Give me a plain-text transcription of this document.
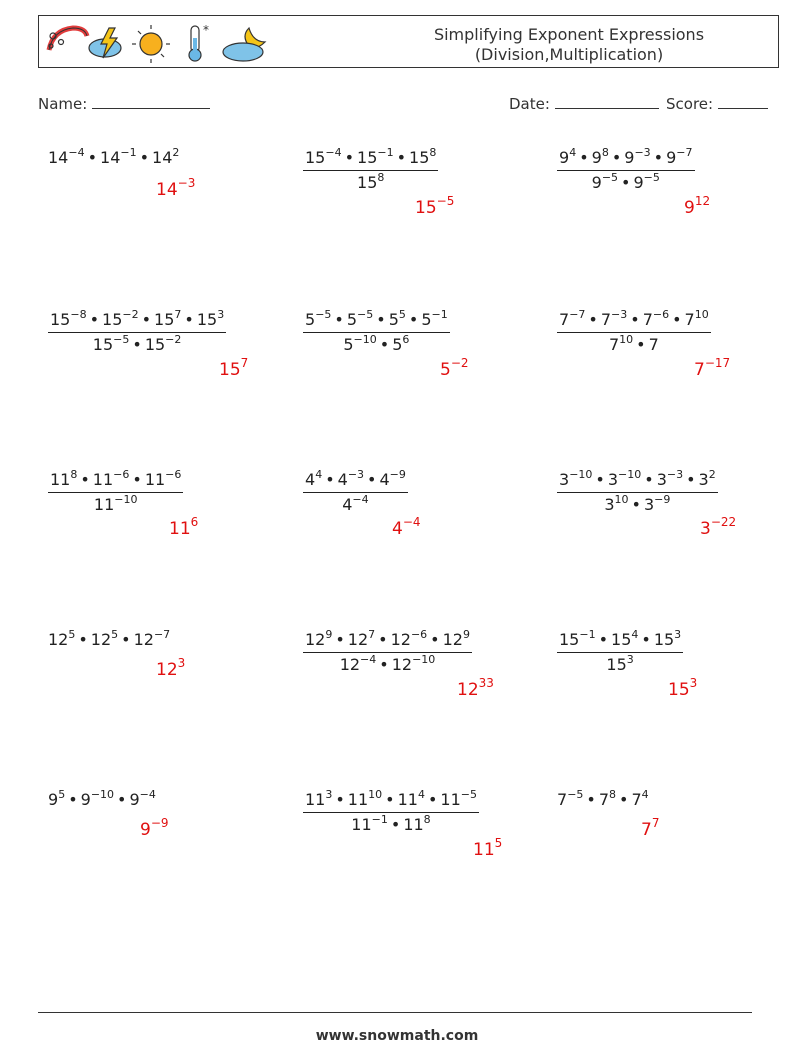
*	Simplifying Exponent Expressions
(Division,Multiplication)
Name:	Date:	Score:
$14^{-4}$ • $14^{-1}$ • $14^2$
$14^{-3}$	$\frac{15^{-4} • 15^{-1} • 15^8}{15^8}$
$15^{-5}$
$\frac{9^4 • 9^8 • 9^{-3} • 9^{-7}}{9^{-5} • 9^{-5}}$
$9^{12}$
$\frac{15^{-8} • 15^{-2} • 15^7 • 15^3}{15^{-5} • 15^{-2}}$
$15^7$
$\frac{5^{-5} • 5^{-5} • 5^5 • 5^{-1}}{5^{-10} • 5^6}$
$5^{-2}$
$\frac{7^{-7} • 7^{-3} • 7^{-6} • 7^{10}}{7^{10} • 7}$
$7^{-17}$
$\frac{11^8 • 11^{-6} • 11^{-6}}{11^{-10}}$
$11^6$
$\frac{4^4 • 4^{-3} • 4^{-9}}{4^{-4}}$
$4^{-4}$
$\frac{3^{-10} • 3^{-10} • 3^{-3} • 3^2}{3^{10} • 3^{-9}}$
$3^{-22}$
$12^5$ • $12^5$ • $12^{-7}$
$12^3$	$\frac{12^9 • 12^7 • 12^{-6} • 12^9}{12^{-4} • 12^{-10}}$
$12^{33}$
$\frac{15^{-1} • 15^4 • 15^3}{15^3}$
$15^3$
$9^5$ • $9^{-10}$ • $9^{-4}$
$9^{-9}$	$\frac{11^3 • 11^{10} • 11^4 • 11^{-5}}{11^{-1} • 11^8}$
$11^5$
$7^{-5}$ • $7^8$ • $7^4$
$7^7$
www.snowmath.com
